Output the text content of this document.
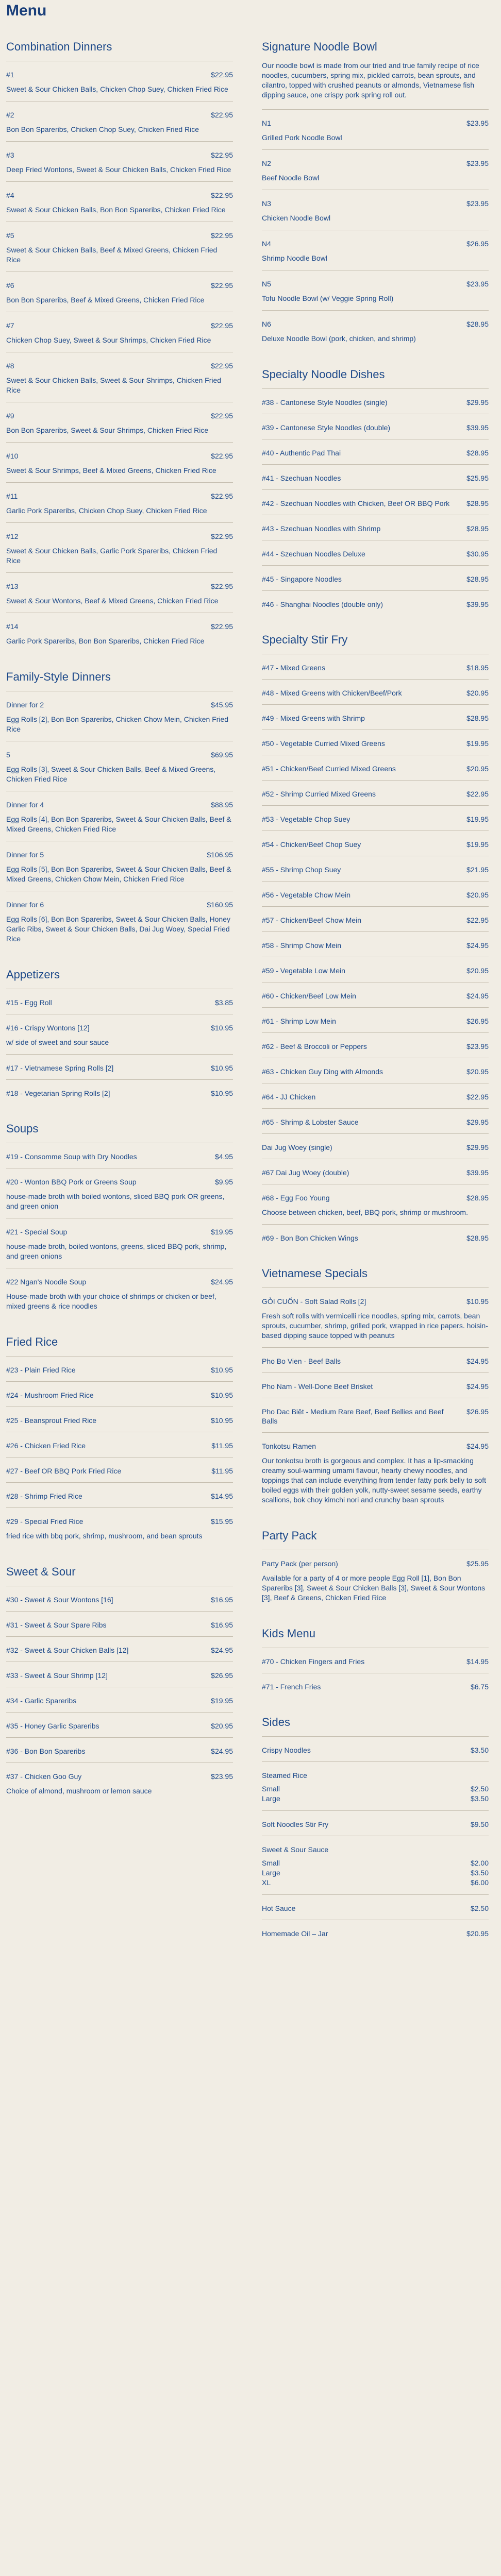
Menu
Combination Dinners
#1	$22.95
Sweet & Sour Chicken Balls, Chicken Chop Suey, Chicken Fried Rice
#2	$22.95
Bon Bon Spareribs, Chicken Chop Suey, Chicken Fried Rice
#3	$22.95
Deep Fried Wontons, Sweet & Sour Chicken Balls, Chicken Fried Rice
#4	$22.95
Sweet & Sour Chicken Balls, Bon Bon Spareribs, Chicken Fried Rice
#5	$22.95
Sweet & Sour Chicken Balls, Beef & Mixed Greens, Chicken Fried Rice
#6	$22.95
Bon Bon Spareribs, Beef & Mixed Greens, Chicken Fried Rice
#7	$22.95
Chicken Chop Suey, Sweet & Sour Shrimps, Chicken Fried Rice
#8	$22.95
Sweet & Sour Chicken Balls, Sweet & Sour Shrimps, Chicken Fried Rice
#9	$22.95
Bon Bon Spareribs, Sweet & Sour Shrimps, Chicken Fried Rice
#10	$22.95
Sweet & Sour Shrimps, Beef & Mixed Greens, Chicken Fried Rice
#11	$22.95
Garlic Pork Spareribs, Chicken Chop Suey, Chicken Fried Rice
#12	$22.95
Sweet & Sour Chicken Balls, Garlic Pork Spareribs, Chicken Fried Rice
#13	$22.95
Sweet & Sour Wontons, Beef & Mixed Greens, Chicken Fried Rice
#14	$22.95
Garlic Pork Spareribs, Bon Bon Spareribs, Chicken Fried Rice
Family-Style Dinners
Dinner for 2	$45.95
Egg Rolls [2], Bon Bon Spareribs, Chicken Chow Mein, Chicken Fried Rice
5	$69.95
Egg Rolls [3], Sweet & Sour Chicken Balls, Beef & Mixed Greens, Chicken Fried Rice
Dinner for 4	$88.95
Egg Rolls [4], Bon Bon Spareribs, Sweet & Sour Chicken Balls, Beef & Mixed Greens, Chicken Fried Rice
Dinner for 5	$106.95
Egg Rolls [5], Bon Bon Spareribs, Sweet & Sour Chicken Balls, Beef & Mixed Greens, Chicken Chow Mein, Chicken Fried Rice
Dinner for 6	$160.95
Egg Rolls [6], Bon Bon Spareribs, Sweet & Sour Chicken Balls, Honey Garlic Ribs, Sweet & Sour Chicken Balls, Dai Jug Woey, Special Fried Rice
Appetizers
#15 - Egg Roll	$3.85
#16 - Crispy Wontons [12]	$10.95
w/ side of sweet and sour sauce
#17 - Vietnamese Spring Rolls [2]	$10.95
#18 - Vegetarian Spring Rolls [2]	$10.95
Soups
#19 - Consomme Soup with Dry Noodles	$4.95
#20 - Wonton BBQ Pork or Greens Soup	$9.95
house-made broth with boiled wontons, sliced BBQ pork OR greens, and green onion
#21 - Special Soup	$19.95
house-made broth, boiled wontons, greens, sliced BBQ pork, shrimp, and green onions
#22 Ngan's Noodle Soup	$24.95
House-made broth with your choice of shrimps or chicken or beef, mixed greens & rice noodles
Fried Rice
#23 - Plain Fried Rice	$10.95
#24 - Mushroom Fried Rice	$10.95
#25 - Beansprout Fried Rice	$10.95
#26 - Chicken Fried Rice	$11.95
#27 - Beef OR BBQ Pork Fried Rice	$11.95
#28 - Shrimp Fried Rice	$14.95
#29 - Special Fried Rice	$15.95
fried rice with bbq pork, shrimp, mushroom, and bean sprouts
Sweet & Sour
#30 - Sweet & Sour Wontons [16]	$16.95
#31 - Sweet & Sour Spare Ribs	$16.95
#32 - Sweet & Sour Chicken Balls [12]	$24.95
#33 - Sweet & Sour Shrimp [12]	$26.95
#34 - Garlic Spareribs	$19.95
#35 - Honey Garlic Spareribs	$20.95
#36 - Bon Bon Spareribs	$24.95
#37 - Chicken Goo Guy	$23.95
Choice of almond, mushroom or lemon sauce
Signature Noodle Bowl
Our noodle bowl is made from our tried and true family recipe of rice noodles, cucumbers, spring mix, pickled carrots, bean sprouts, and cilantro, topped with crushed peanuts or almonds, Vietnamese fish dipping sauce, one crispy pork spring roll out.
N1	$23.95
Grilled Pork Noodle Bowl
N2	$23.95
Beef Noodle Bowl
N3	$23.95
Chicken Noodle Bowl
N4	$26.95
Shrimp Noodle Bowl
N5	$23.95
Tofu Noodle Bowl (w/ Veggie Spring Roll)
N6	$28.95
Deluxe Noodle Bowl (pork, chicken, and shrimp)
Specialty Noodle Dishes
#38 - Cantonese Style Noodles (single)	$29.95
#39 - Cantonese Style Noodles (double)	$39.95
#40 - Authentic Pad Thai	$28.95
#41 - Szechuan Noodles	$25.95
#42 - Szechuan Noodles with Chicken, Beef OR BBQ Pork $28.95
#43 - Szechuan Noodles with Shrimp	$28.95
#44 - Szechuan Noodles Deluxe	$30.95
#45 - Singapore Noodles	$28.95
#46 - Shanghai Noodles (double only)	$39.95
Specialty Stir Fry
#47 - Mixed Greens	$18.95
#48 - Mixed Greens with Chicken/Beef/Pork	$20.95
#49 - Mixed Greens with Shrimp	$28.95
#50 - Vegetable Curried Mixed Greens	$19.95
#51 - Chicken/Beef Curried Mixed Greens	$20.95
#52 - Shrimp Curried Mixed Greens	$22.95
#53 - Vegetable Chop Suey	$19.95
#54 - Chicken/Beef Chop Suey	$19.95
#55 - Shrimp Chop Suey	$21.95
#56 - Vegetable Chow Mein	$20.95
#57 - Chicken/Beef Chow Mein	$22.95
#58 - Shrimp Chow Mein	$24.95
#59 - Vegetable Low Mein	$20.95
#60 - Chicken/Beef Low Mein	$24.95
#61 - Shrimp Low Mein	$26.95
#62 - Beef & Broccoli or Peppers	$23.95
#63 - Chicken Guy Ding with Almonds	$20.95
#64 - JJ Chicken	$22.95
#65 - Shrimp & Lobster Sauce	$29.95
Dai Jug Woey (single)	$29.95
#67 Dai Jug Woey (double)	$39.95
#68 - Egg Foo Young	$28.95
Choose between chicken, beef, BBQ pork, shrimp or mushroom.
#69 - Bon Bon Chicken Wings	$28.95
Vietnamese Specials
GỎI CUỐN - Soft Salad Rolls [2]	$10.95
Fresh soft rolls with vermicelli rice noodles, spring mix, carrots, bean sprouts, cucumber, shrimp, grilled pork, wrapped in rice papers. hoisin-based dipping sauce topped with peanuts
Pho Bo Vien - Beef Balls	$24.95
Pho Nam - Well-Done Beef Brisket	$24.95
Pho Dac Biệt - Medium Rare Beef, Beef Bellies and Beef Balls
$26.95
Tonkotsu Ramen	$24.95
Our tonkotsu broth is gorgeous and complex. It has a lip-smacking creamy soul-warming umami flavour, hearty chewy noodles, and toppings that can include everything from tender fatty pork belly to soft boiled eggs with their golden yolk, nutty-sweet sesame seeds, earthy scallions, bok choy kimchi nori and crunchy bean sprouts
Party Pack
Party Pack (per person)	$25.95
Available for a party of 4 or more people Egg Roll [1], Bon Bon Spareribs [3], Sweet & Sour Chicken Balls [3], Sweet & Sour Wontons [3], Beef & Greens, Chicken Fried Rice
Kids Menu
#70 - Chicken Fingers and Fries	$14.95
#71 - French Fries	$6.75
Sides
Crispy Noodles	$3.50
Steamed Rice
Small	$2.50
Large	$3.50
Soft Noodles Stir Fry	$9.50
Sweet & Sour Sauce
Small	$2.00
Large	$3.50
XL	$6.00
Hot Sauce	$2.50
Homemade Oil – Jar	$20.95
